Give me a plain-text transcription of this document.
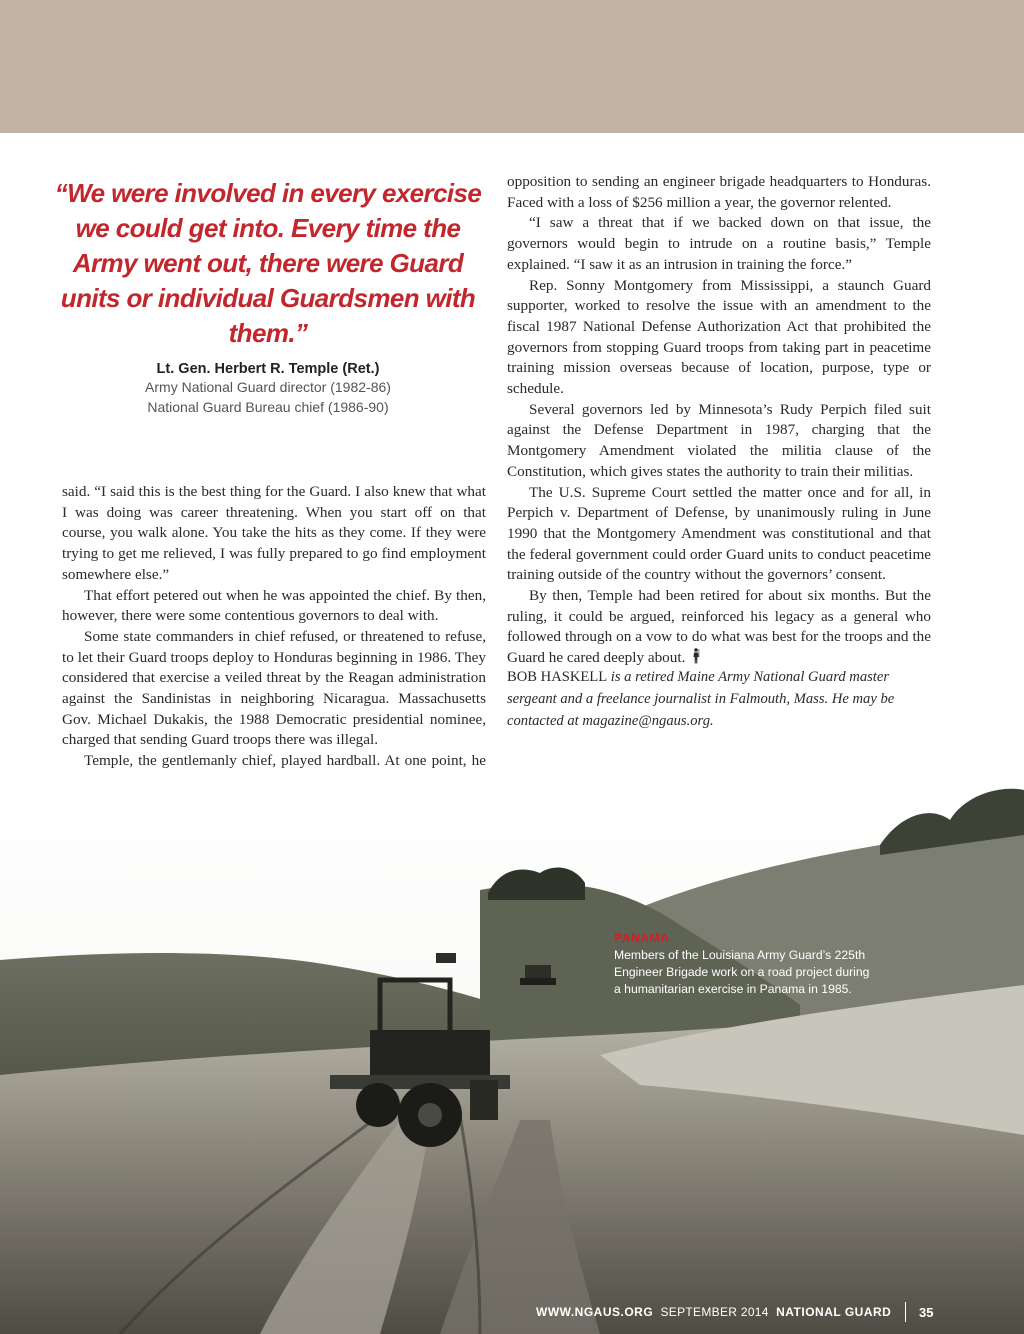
“We were involved in every exercise we could get into. Every time the Army went out, there were Guard units or individual Guardsmen with them.”

Lt. Gen. Herbert R. Temple (Ret.)
Army National Guard director (1982-86)
National Guard Bureau chief (1986-90)

said. “I said this is the best thing for the Guard. I also knew that what I was doing was career threatening. When you start off on that course, you walk alone. You take the hits as they come. If they were trying to get me relieved, I was fully prepared to go find employment somewhere else.”

That effort petered out when he was appointed the chief. By then, however, there were some contentious governors to deal with.

Some state commanders in chief refused, or threatened to refuse, to let their Guard troops deploy to Honduras beginning in 1986. They considered that exercise a veiled threat by the Reagan administration against the Sandinistas in neighboring Nicaragua. Massachusetts Gov. Michael Dukakis, the 1988 Democratic presidential nominee, charged that sending Guard troops there was illegal.

Temple, the gentlemanly chief, played hardball. At one point, he

opposition to sending an engineer brigade headquarters to Honduras. Faced with a loss of $256 million a year, the governor relented.

“I saw a threat that if we backed down on that issue, the governors would begin to intrude on a routine basis,” Temple explained. “I saw it as an intrusion in training the force.”

Rep. Sonny Montgomery from Mississippi, a staunch Guard supporter, worked to resolve the issue with an amendment to the fiscal 1987 National Defense Authorization Act that prohibited the governors from stopping Guard troops from taking part in peacetime training mission overseas because of location, purpose, type or schedule.

Several governors led by Minnesota’s Rudy Perpich filed suit against the Defense Department in 1987, charging that the Montgomery Amendment violated the militia clause of the Constitution, which gives states the authority to train their militias.

The U.S. Supreme Court settled the matter once and for all, in Perpich v. Department of Defense, by unanimously ruling in June 1990 that the Montgomery Amendment was constitutional and that the federal government could order Guard units to conduct peacetime training outside of the country without the governors’ consent.

By then, Temple had been retired for about six months. But the ruling, it could be argued, reinforced his legacy as a general who followed through on a vow to do what was best for the troops and the Guard he cared deeply about.

BOB HASKELL is a retired Maine Army National Guard master sergeant and a freelance journalist in Falmouth, Mass. He may be contacted at magazine@ngaus.org.
NGB
PANAMA
Members of the Louisiana Army Guard’s 225th Engineer Brigade work on a road project during a humanitarian exercise in Panama in 1985.
WWW.NGAUS.ORG SEPTEMBER 2014 NATIONAL GUARD 35
